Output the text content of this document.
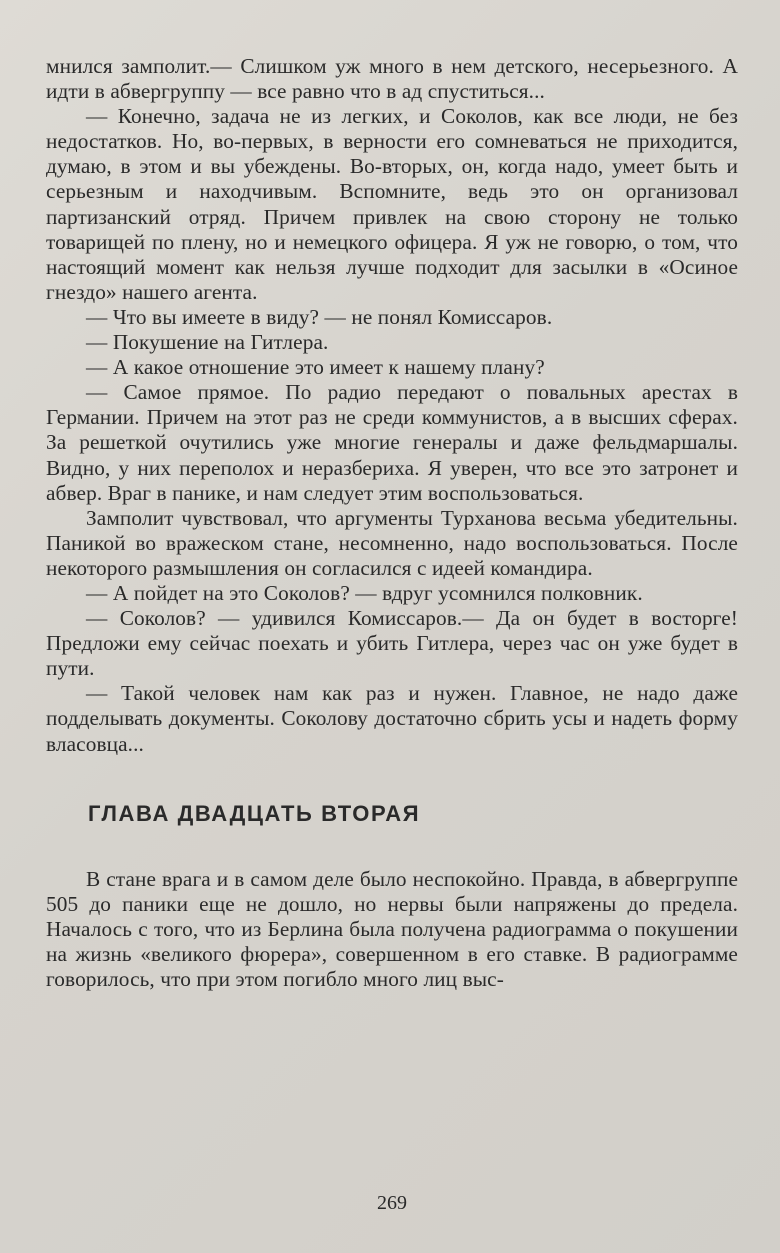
мнился замполит.— Слишком уж много в нем детского, несерьезного. А идти в абвергруппу — все равно что в ад спуститься...

— Конечно, задача не из легких, и Соколов, как все люди, не без недостатков. Но, во-первых, в верности его сомневаться не приходится, думаю, в этом и вы убеждены. Во-вторых, он, когда надо, умеет быть и серьезным и находчивым. Вспомните, ведь это он организовал партизанский отряд. Причем привлек на свою сторону не только товарищей по плену, но и немецкого офицера. Я уж не говорю, о том, что настоящий момент как нельзя лучше подходит для засылки в «Осиное гнездо» нашего агента.

— Что вы имеете в виду? — не понял Комиссаров.

— Покушение на Гитлера.

— А какое отношение это имеет к нашему плану?

— Самое прямое. По радио передают о повальных арестах в Германии. Причем на этот раз не среди коммунистов, а в высших сферах. За решеткой очутились уже многие генералы и даже фельдмаршалы. Видно, у них переполох и неразбериха. Я уверен, что все это затронет и абвер. Враг в панике, и нам следует этим воспользоваться.

Замполит чувствовал, что аргументы Турханова весьма убедительны. Паникой во вражеском стане, несомненно, надо воспользоваться. После некоторого размышления он согласился с идеей командира.

— А пойдет на это Соколов? — вдруг усомнился полковник.

— Соколов? — удивился Комиссаров.— Да он будет в восторге! Предложи ему сейчас поехать и убить Гитлера, через час он уже будет в пути.

— Такой человек нам как раз и нужен. Главное, не надо даже подделывать документы. Соколову достаточно сбрить усы и надеть форму власовца...

ГЛАВА ДВАДЦАТЬ ВТОРАЯ

В стане врага и в самом деле было неспокойно. Правда, в абвергруппе 505 до паники еще не дошло, но нервы были напряжены до предела. Началось с того, что из Берлина была получена радиограмма о покушении на жизнь «великого фюрера», совершенном в его ставке. В радиограмме говорилось, что при этом погибло много лиц выс-

269
